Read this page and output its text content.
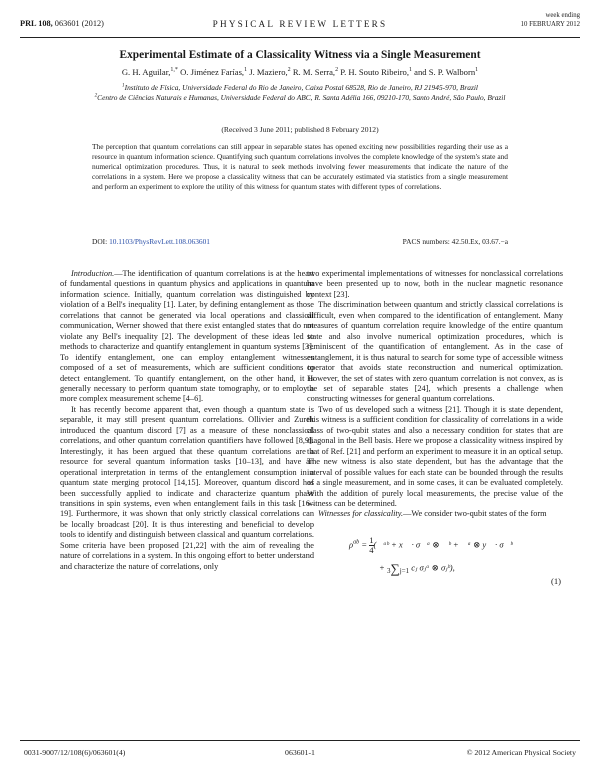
PRL 108, 063601 (2012)	PHYSICAL REVIEW LETTERS
week ending
10 FEBRUARY 2012
Experimental Estimate of a Classicality Witness via a Single Measurement
G. H. Aguilar,$^{1,*}$ O. Jiménez Farías,$^1$ J. Maziero,$^2$ R. M. Serra,$^2$ P. H. Souto Ribeiro,$^1$ and S. P. Walborn$^1$
$^1$Instituto de Física, Universidade Federal do Rio de Janeiro, Caixa Postal 68528, Rio de Janeiro, RJ 21945-970, Brazil
$^2$Centro de Ciências Naturais e Humanas, Universidade Federal do ABC, R. Santa Adélia 166, 09210-170, Santo André, São Paulo, Brazil
(Received 3 June 2011; published 8 February 2012)
The perception that quantum correlations can still appear in separable states has opened exciting new possibilities regarding their use as a resource in quantum information science. Quantifying such quantum correlations involves the complete knowledge of the system's state and numerical optimization procedures. Thus, it is natural to seek methods involving fewer measurements that indicate the nature of the correlations in a system. Here we propose a classicality witness that can be accurately estimated via statistics from a single measurement and perform an experiment to explore the utility of this witness for quantum states with different types of correlations.
DOI: 10.1103/PhysRevLett.108.063601	PACS numbers: 42.50.Ex, 03.67.−a

Introduction.—The identification of quantum correlations is at the heart of fundamental questions in quantum physics and applications in quantum information science. Initially, quantum correlation was distinguished by violation of a Bell's inequality [1]. Later, by defining entanglement as those correlations that cannot be generated via local operations and classical communication, Werner showed that there exist entangled states that do not violate any Bell's inequality [2]. The development of these ideas led to methods to characterize and quantify entanglement in quantum systems [3]. To identify entanglement, one can employ entanglement witnesses composed of a set of measurements, which are sufficient conditions to detect entanglement. To quantify entanglement, on the other hand, it is generally necessary to perform quantum state tomography, or to employ a more complex measurement scheme [4–6].

It has recently become apparent that, even though a quantum state is separable, it may still present quantum correlations. Ollivier and Zurek introduced the quantum discord [7] as a measure of these nonclassical correlations, and other quantum correlation quantifiers have followed [8,9]. Interestingly, it has been argued that these quantum correlations are a resource for several quantum information tasks [10–13], and have an operational interpretation in terms of the entanglement consumption in a quantum state merging protocol [14,15]. Moreover, quantum discord has been successfully applied to indicate and characterize quantum phase transitions in spin systems, even when entanglement fails in this task [16–19]. Furthermore, it was shown that only strictly classical correlations can be locally broadcast [20]. It is thus interesting and beneficial to develop tools to identify and distinguish between classical and quantum correlations. Some criteria have been proposed [21,22] with the aim of revealing the nature of correlations in a system. In this ongoing effort to better understand and characterize the nature of correlations, only

two experimental implementations of witnesses for nonclassical correlations have been presented up to now, both in the nuclear magnetic resonance context [23].

The discrimination between quantum and strictly classical correlations is difficult, even when compared to the identification of entanglement. Many measures of quantum correlation require knowledge of the entire quantum state and also involve numerical optimization procedures, which is reminiscent of the quantification of entanglement. As in the case of entanglement, it is thus natural to search for some type of accessible witness operator that avoids state reconstruction and numerical optimization. However, the set of states with zero quantum correlation is not convex, as is the set of separable states [24], which presents a challenge when constructing witnesses for general quantum correlations.

Two of us developed such a witness [21]. Though it is state dependent, this witness is a sufficient condition for classicality of correlations in a wide class of two-qubit states and also a necessary condition for states that are diagonal in the Bell basis. Here we propose a classicality witness inspired by that of Ref. [21] and perform an experiment to measure it in an optical setup. The new witness is also state dependent, but has the advantage that the interval of possible values for each state can be bounded through the results of a single measurement, and in some cases, it can be evaluated completely. With the addition of purely local measurements, the precise value of the witness can be determined.

Witnesses for classicality.—We consider two-qubit states of the form

$\rho^{ab} = \frac{1}{4}$ (𝕀ᵃᵇ + x⃗ · σ⃗ᵃ ⊗ 𝕀ᵇ + 𝕀ᵃ ⊗ y⃗ · σ⃗ᵇ
+ 3∑j=1 cⱼ σⱼᵃ ⊗ σⱼᵇ),
(1)
0031-9007/12/108(6)/063601(4)	063601-1	© 2012 American Physical Society
